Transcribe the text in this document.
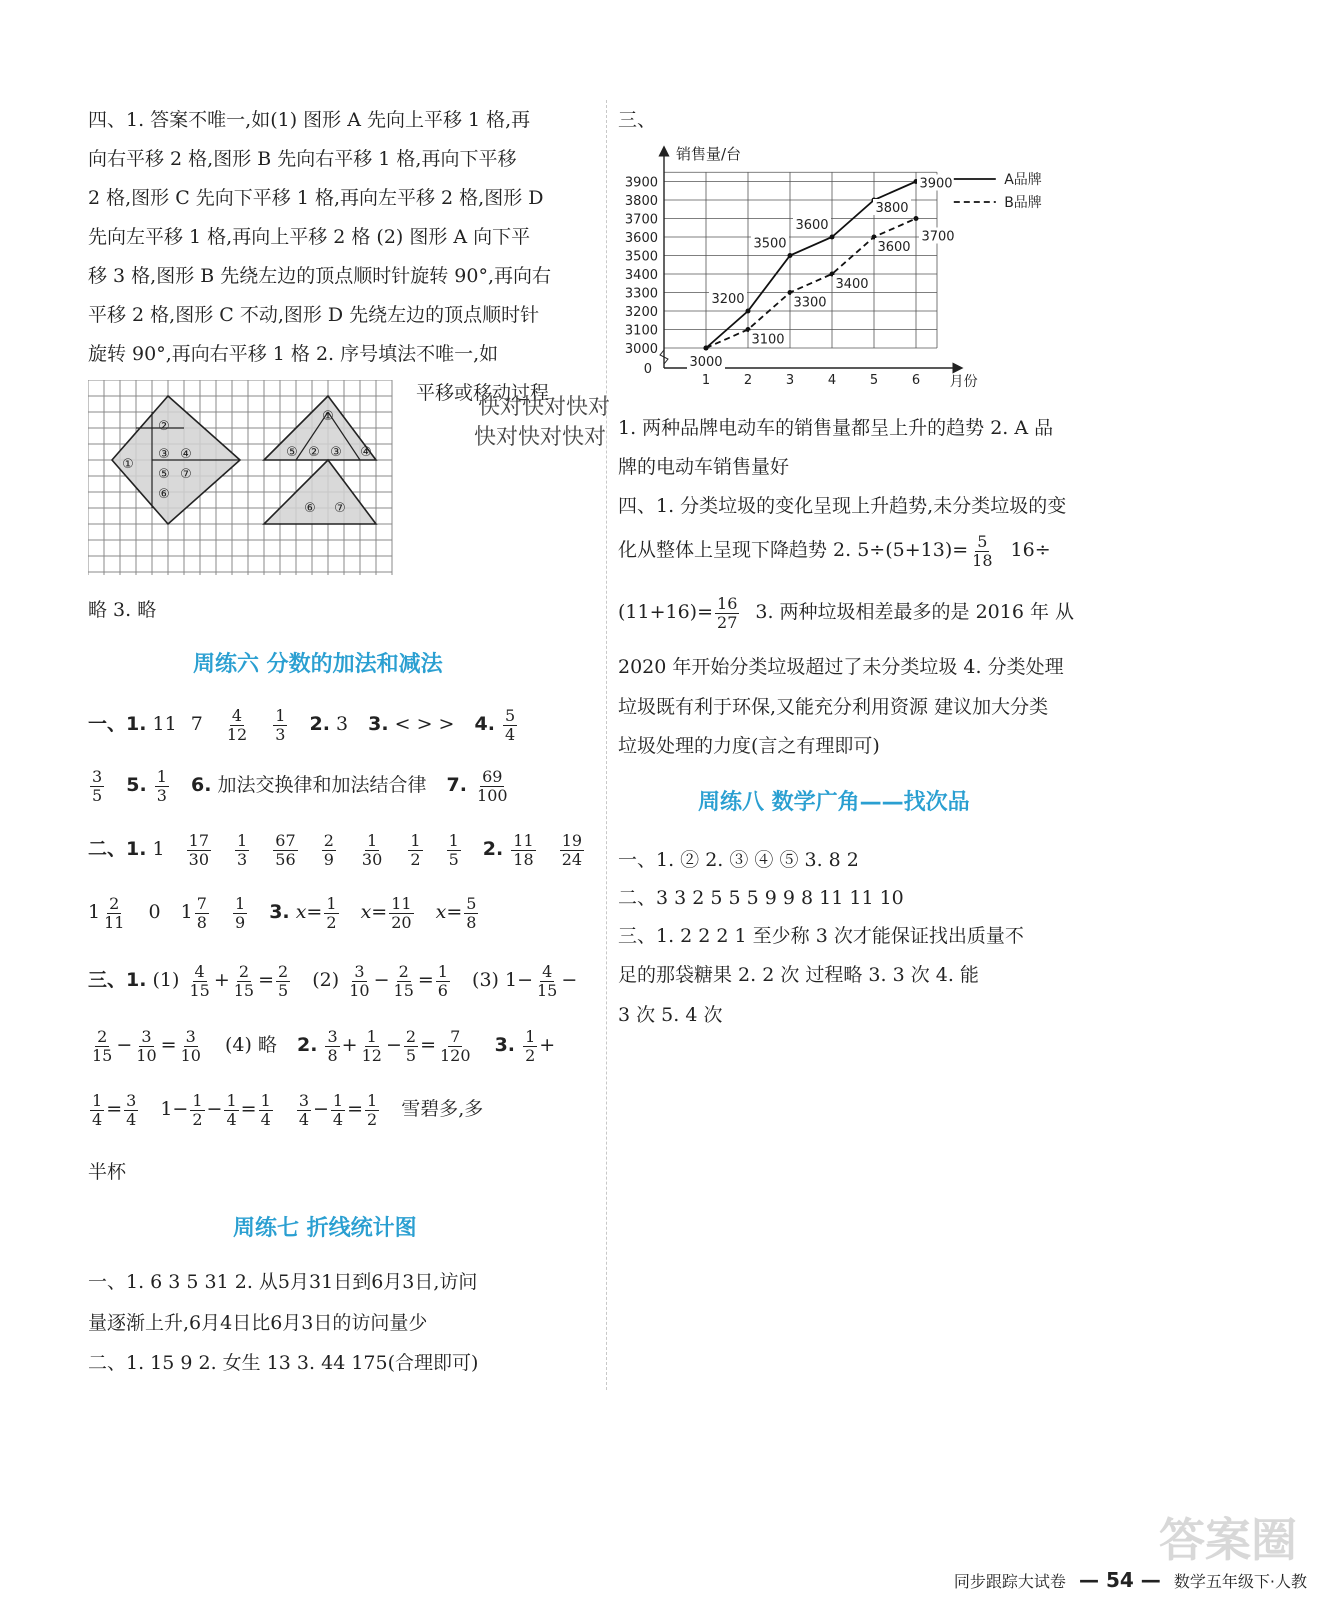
四、1. 答案不唯一,如(1) 图形 A 先向上平移 1 格,再
向右平移 2 格,图形 B 先向右平移 1 格,再向下平移
2 格,图形 C 先向下平移 1 格,再向左平移 2 格,图形 D
先向左平移 1 格,再向上平移 2 格 (2) 图形 A 向下平
移 3 格,图形 B 先绕左边的顶点顺时针旋转 90°,再向右
平移 2 格,图形 C 不动,图形 D 先绕左边的顶点顺时针
旋转 90°,再向右平移 1 格 2. 序号填法不唯一,如
①
②
③ ④
⑤ ⑦
⑥
①
⑤ ② ③ ④
⑥ ⑦
平移或移动过程
略 3. 略
周练六 分数的加法和减法
一、1. 11 $7 \frac{4}{12}$
$\frac{1}{3} 2$. 3 3. < > > 4. $\frac{5}{4}$
$\frac{3}{5} 5$. $\frac{1}{3} 6$. 加法交换律和加法结合律 7. $\frac{69}{100}$
二、1. $1 \frac{17}{30}$
$\frac{1}{3}$
$\frac{67}{56}$
$\frac{2}{9}$
$\frac{1}{30}$
$\frac{1}{2}$
$\frac{1}{5} 2$. $\frac{11}{18}$
$\frac{19}{24}$
$1 \frac{2}{11} 0$ $1 \frac{7}{8}$
$\frac{1}{9} 3$. $x= \frac{1}{2} x= \frac{11}{20} x= \frac{5}{8}$
三、1. $(1) \frac{4}{15} + \frac{2}{15} = \frac{2}{5} (2) \frac{3}{10} - \frac{2}{15} = \frac{1}{6} (3)$ $1- \frac{4}{15}$ −
$\frac{2}{15} - \frac{3}{10} = \frac{3}{10} (4)$ 略 2. $\frac{3}{8} + \frac{1}{12} - \frac{2}{5} = \frac{7}{120} 3$. $\frac{1}{2}$ +
$\frac{1}{4} = \frac{3}{4} 1- \frac{1}{2} - \frac{1}{4} = \frac{1}{4}$
$\frac{3}{4} - \frac{1}{4} = \frac{1}{2}$ 雪碧多,多
半杯
周练七 折线统计图
一、1. 6 3 5 31 2. 从5月31日到6月3日,访问
量逐渐上升,6月4日比6月3日的访问量少
二、1. 15 9 2. 女生 13 3. 44 175(合理即可)
三、
销售量/台
月份
0
3000
3100
3200
3300
3400
3500
3600
3700
3800
3900
1	2	3	4	5	6
3000
3200
3500
3600
3800
3900
3100
3300
3400
3600
3700
A品牌
B品牌
1. 两种品牌电动车的销售量都呈上升的趋势 2. A 品
牌的电动车销售量好
四、1. 分类垃圾的变化呈现上升趋势,未分类垃圾的变
化从整体上呈现下降趋势 2. $5\div(5+13)= \frac{5}{18} 16\div$
$(11+16)= \frac{16}{27} 3$. 两种垃圾相差最多的是 2016 年 从
2020 年开始分类垃圾超过了未分类垃圾 4. 分类处理
垃圾既有利于环保,又能充分利用资源 建议加大分类
垃圾处理的力度(言之有理即可)
周练八 数学广角——找次品
一、1. ② 2. ③ ④ ⑤ 3. 8 2
二、3 3 2 5 5 5 9 9 8 11 11 10
三、1. 2 2 2 1 至少称 3 次才能保证找出质量不
足的那袋糖果 2. 2 次 过程略 3. 3 次 4. 能
3 次 5. 4 次
快对快对快对
快对快对快对
答案圈
同步跟踪大试卷 — 54 — 数学五年级下·人教
